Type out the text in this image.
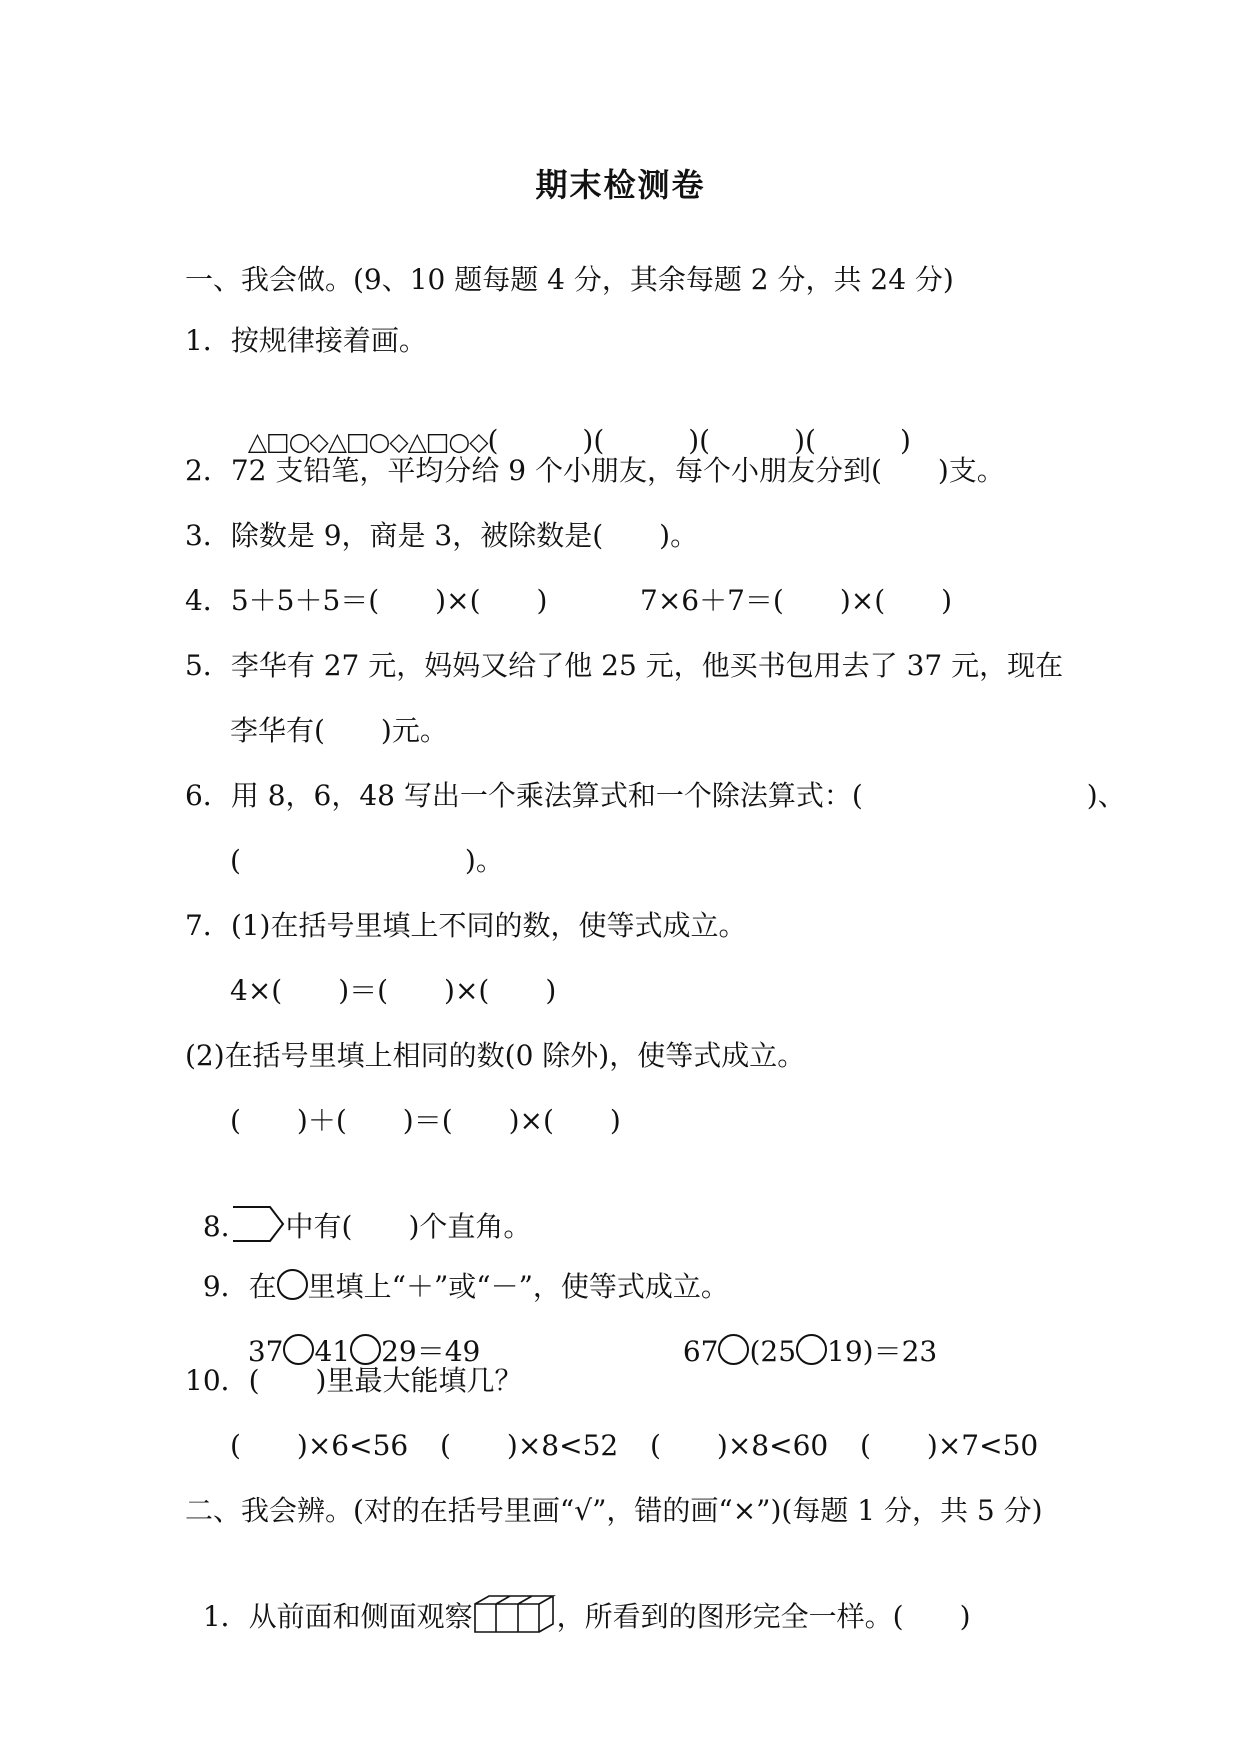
期末检测卷
一、我会做。(9、10 题每题 4 分，其余每题 2 分，共 24 分)
1．按规律接着画。

△□○◇△□○◇△□○◇(　　　)(　　　)(　　　)(　　　)

2．72 支铅笔，平均分给 9 个小朋友，每个小朋友分到(　　)支。
3．除数是 9，商是 3，被除数是(　　)。
4．5＋5＋5＝(　　)×(　　)	7×6＋7＝(　　)×(　　)
5．李华有 27 元，妈妈又给了他 25 元，他买书包用去了 37 元，现在
李华有(　　)元。
6．用 8，6，48 写出一个乘法算式和一个除法算式：(　　　　　　　　)、
(　　　　　　　　)。
7．(1)在括号里填上不同的数，使等式成立。
4×(　　)＝(　　)×(　　)
(2)在括号里填上相同的数(0 除外)，使等式成立。
(　　)＋(　　)＝(　　)×(　　)

8. 中有(　　)个直角。

9．在 里填上“＋”或“－”，使等式成立。

37 41 29＝49	67 (25 19)＝23

10．(　　)里最大能填几？
(　　)×6<56 (　　)×8<52 (　　)×8<60 (　　)×7<50
二、我会辨。(对的在括号里画“√”，错的画“×”)(每题 1 分，共 5 分)

1．从前面和侧面观察	，所看到的图形完全一样。(　　)
